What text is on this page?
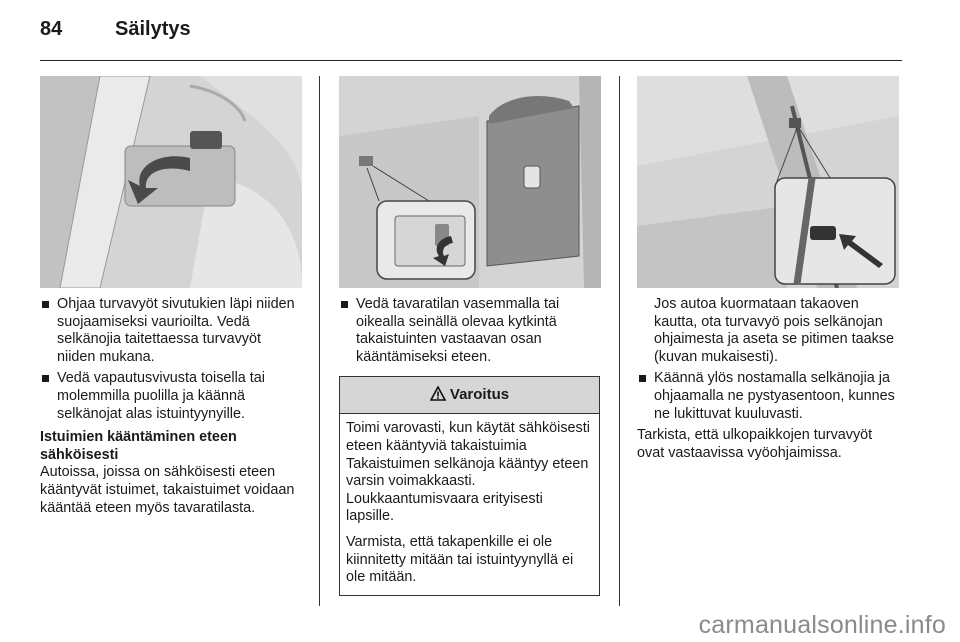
84	Säilytys
Ohjaa turvavyöt sivutukien läpi niiden suojaamiseksi vaurioilta. Vedä selkänojia taitettaessa turvavyöt niiden mukana.
Vedä vapautusvivusta toisella tai molemmilla puolilla ja käännä selkänojat alas istuintyynyille.

Istuimien kääntäminen eteen sähköisesti

Autoissa, joissa on sähköisesti eteen kääntyvät istuimet, takaistuimet voidaan kääntää eteen myös tavaratilasta.

Vedä tavaratilan vasemmalla tai oikealla seinällä olevaa kytkintä takaistuinten vastaavan osan kääntämiseksi eteen.
Varoitus

Toimi varovasti, kun käytät sähköisesti eteen kääntyviä takaistuimia Takaistuimen selkänoja kääntyy eteen varsin voimakkaasti. Loukkaantumisvaara erityisesti lapsille.

Varmista, että takapenkille ei ole kiinnitetty mitään tai istuintyynyllä ei ole mitään.

Jos autoa kuormataan takaoven kautta, ota turvavyö pois selkänojan ohjaimesta ja aseta se pitimen taakse (kuvan mukaisesti).

Käännä ylös nostamalla selkänojia ja ohjaamalla ne pystyasentoon, kunnes ne lukittuvat kuuluvasti.

Tarkista, että ulkopaikkojen turvavyöt ovat vastaavissa vyöohjaimissa.

carmanualsonline.info
